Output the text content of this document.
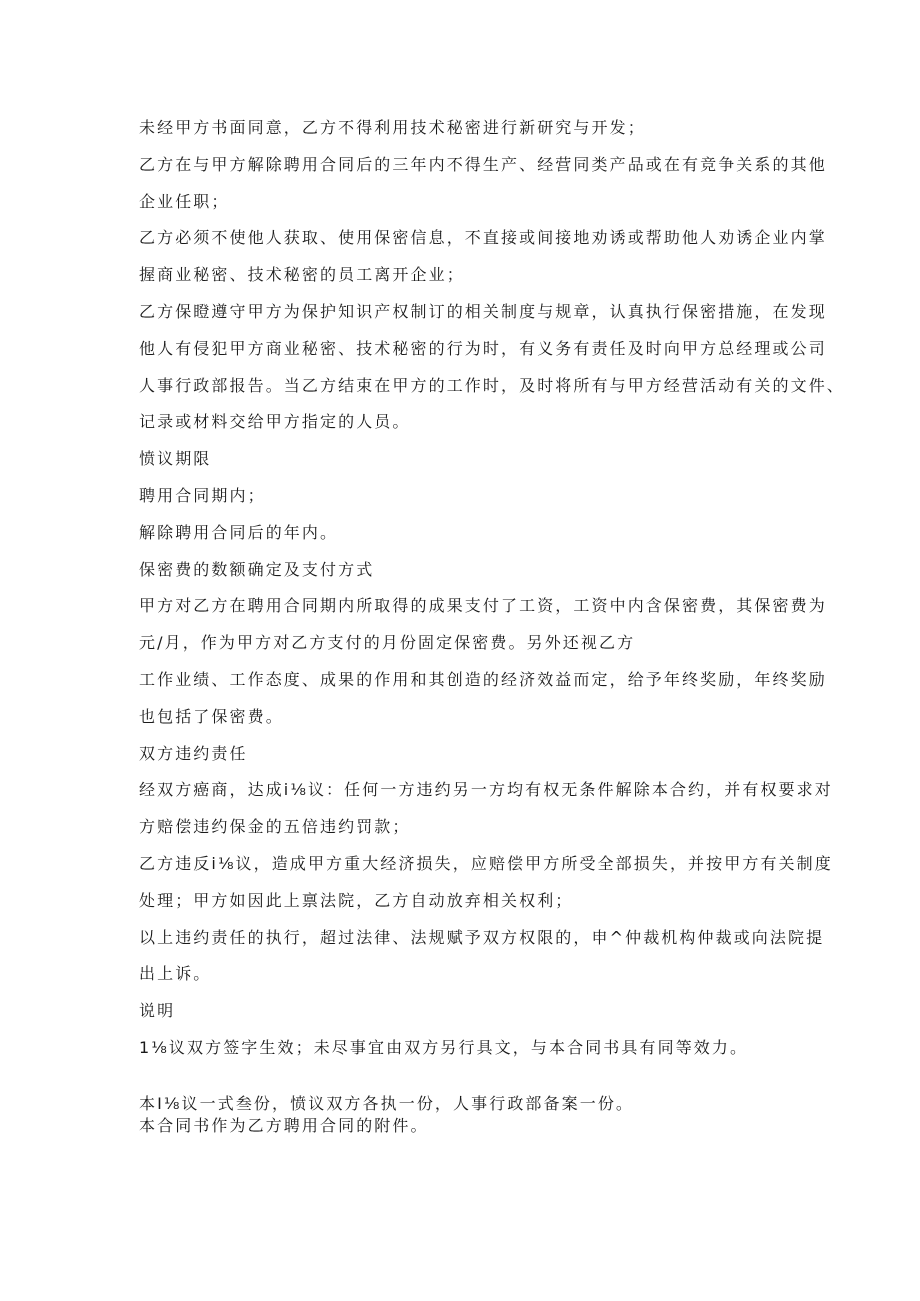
未经甲方书面同意，乙方不得利用技术秘密进行新研究与开发；

乙方在与甲方解除聘用合同后的三年内不得生产、经营同类产品或在有竞争关系的其他

企业任职；

乙方必须不使他人获取、使用保密信息，不直接或间接地劝诱或帮助他人劝诱企业内掌

握商业秘密、技术秘密的员工离开企业；

乙方保瞪遵守甲方为保护知识产权制订的相关制度与规章，认真执行保密措施，在发现

他人有侵犯甲方商业秘密、技术秘密的行为时，有义务有责任及时向甲方总经理或公司

人事行政部报告。当乙方结束在甲方的工作时，及时将所有与甲方经营活动有关的文件、

记录或材料交给甲方指定的人员。

愤议期限

聘用合同期内；

解除聘用合同后的年内。

保密费的数额确定及支付方式

甲方对乙方在聘用合同期内所取得的成果支付了工资，工资中内含保密费，其保密费为

元/月，作为甲方对乙方支付的月份固定保密费。另外还视乙方

工作业绩、工作态度、成果的作用和其创造的经济效益而定，给予年终奖励，年终奖励

也包括了保密费。

双方违约责任

经双方癌商，达成i⅛议：任何一方违约另一方均有权无条件解除本合约，并有权要求对

方赔偿违约保金的五倍违约罚款；

乙方违反i⅛议，造成甲方重大经济损失，应赔偿甲方所受全部损失，并按甲方有关制度

处理；甲方如因此上禀法院，乙方自动放弃相关权利；

以上违约责任的执行，超过法律、法规赋予双方权限的，申^仲裁机构仲裁或向法院提

出上诉。

说明

1⅛议双方签字生效；未尽事宜由双方另行具文，与本合同书具有同等效力。

本I⅛议一式叁份，愤议双方各执一份，人事行政部备案一份。

本合同书作为乙方聘用合同的附件。
